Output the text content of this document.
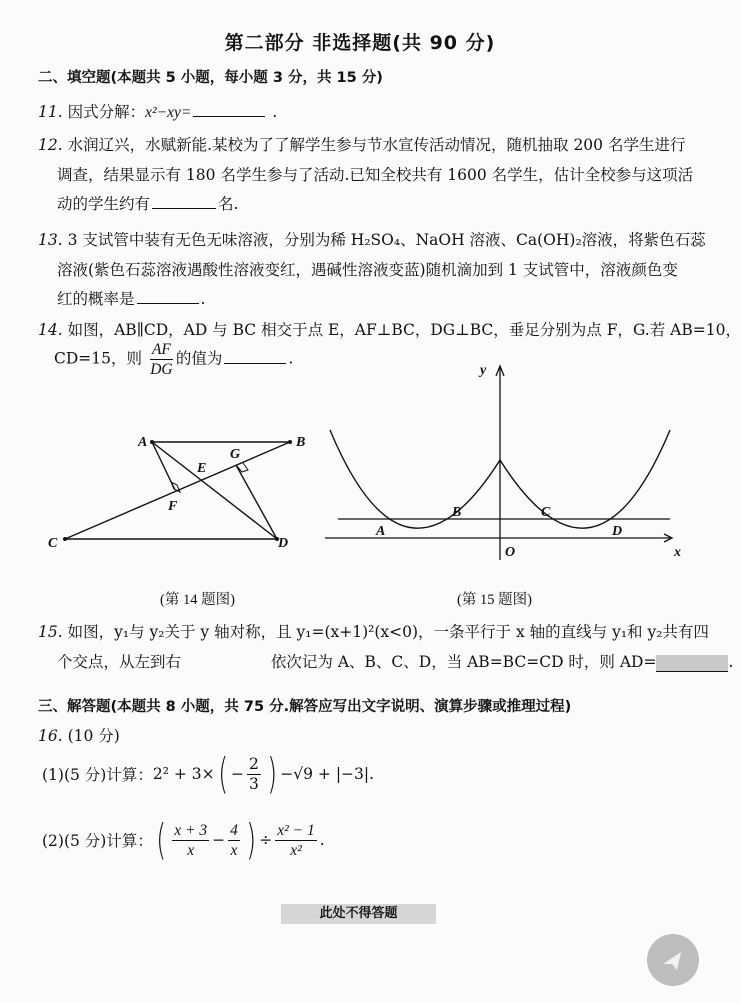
第二部分 非选择题(共 90 分)
二、填空题(本题共 5 小题，每小题 3 分，共 15 分)
11. 因式分解：x²−xy=	.
12. 水润辽兴，水赋新能.某校为了了解学生参与节水宣传活动情况，随机抽取 200 名学生进行
调查，结果显示有 180 名学生参与了活动.已知全校共有 1600 名学生，估计全校参与这项活
动的学生约有	名.
13. 3 支试管中装有无色无味溶液，分别为稀 H₂SO₄、NaOH 溶液、Ca(OH)₂溶液，将紫色石蕊
溶液(紫色石蕊溶液遇酸性溶液变红，遇碱性溶液变蓝)随机滴加到 1 支试管中，溶液颜色变
红的概率是	.
14. 如图，AB∥CD，AD 与 BC 相交于点 E，AF⊥BC，DG⊥BC，垂足分别为点 F，G.若 AB=10，
CD=15，则 $\frac{AF}{DG}$ 的值为	.
A	B
E
G
F
C	D
(第 14 题图)
y
x
O
A
B	C
D
(第 15 题图)
15. 如图，y₁与 y₂关于 y 轴对称，且 y₁=(x+1)²(x<0)，一条平行于 x 轴的直线与 y₁和 y₂共有四
个交点，从左到右	依次记为 A、B、C、D，当 AB=BC=CD 时，则 AD=	.
三、解答题(本题共 8 小题，共 75 分.解答应写出文字说明、演算步骤或推理过程)
16. (10 分)
(1)(5 分)计算： 2² + 3× ( − $\frac{2}{3}$ ) −√9 + |−3|.
(2)(5 分)计算： ( $\frac{x + 3}{x} - \frac{4}{x}$ ) ÷ $\frac{\text{x² − 1}}{\text{x²}}$ .
此处不得答题
